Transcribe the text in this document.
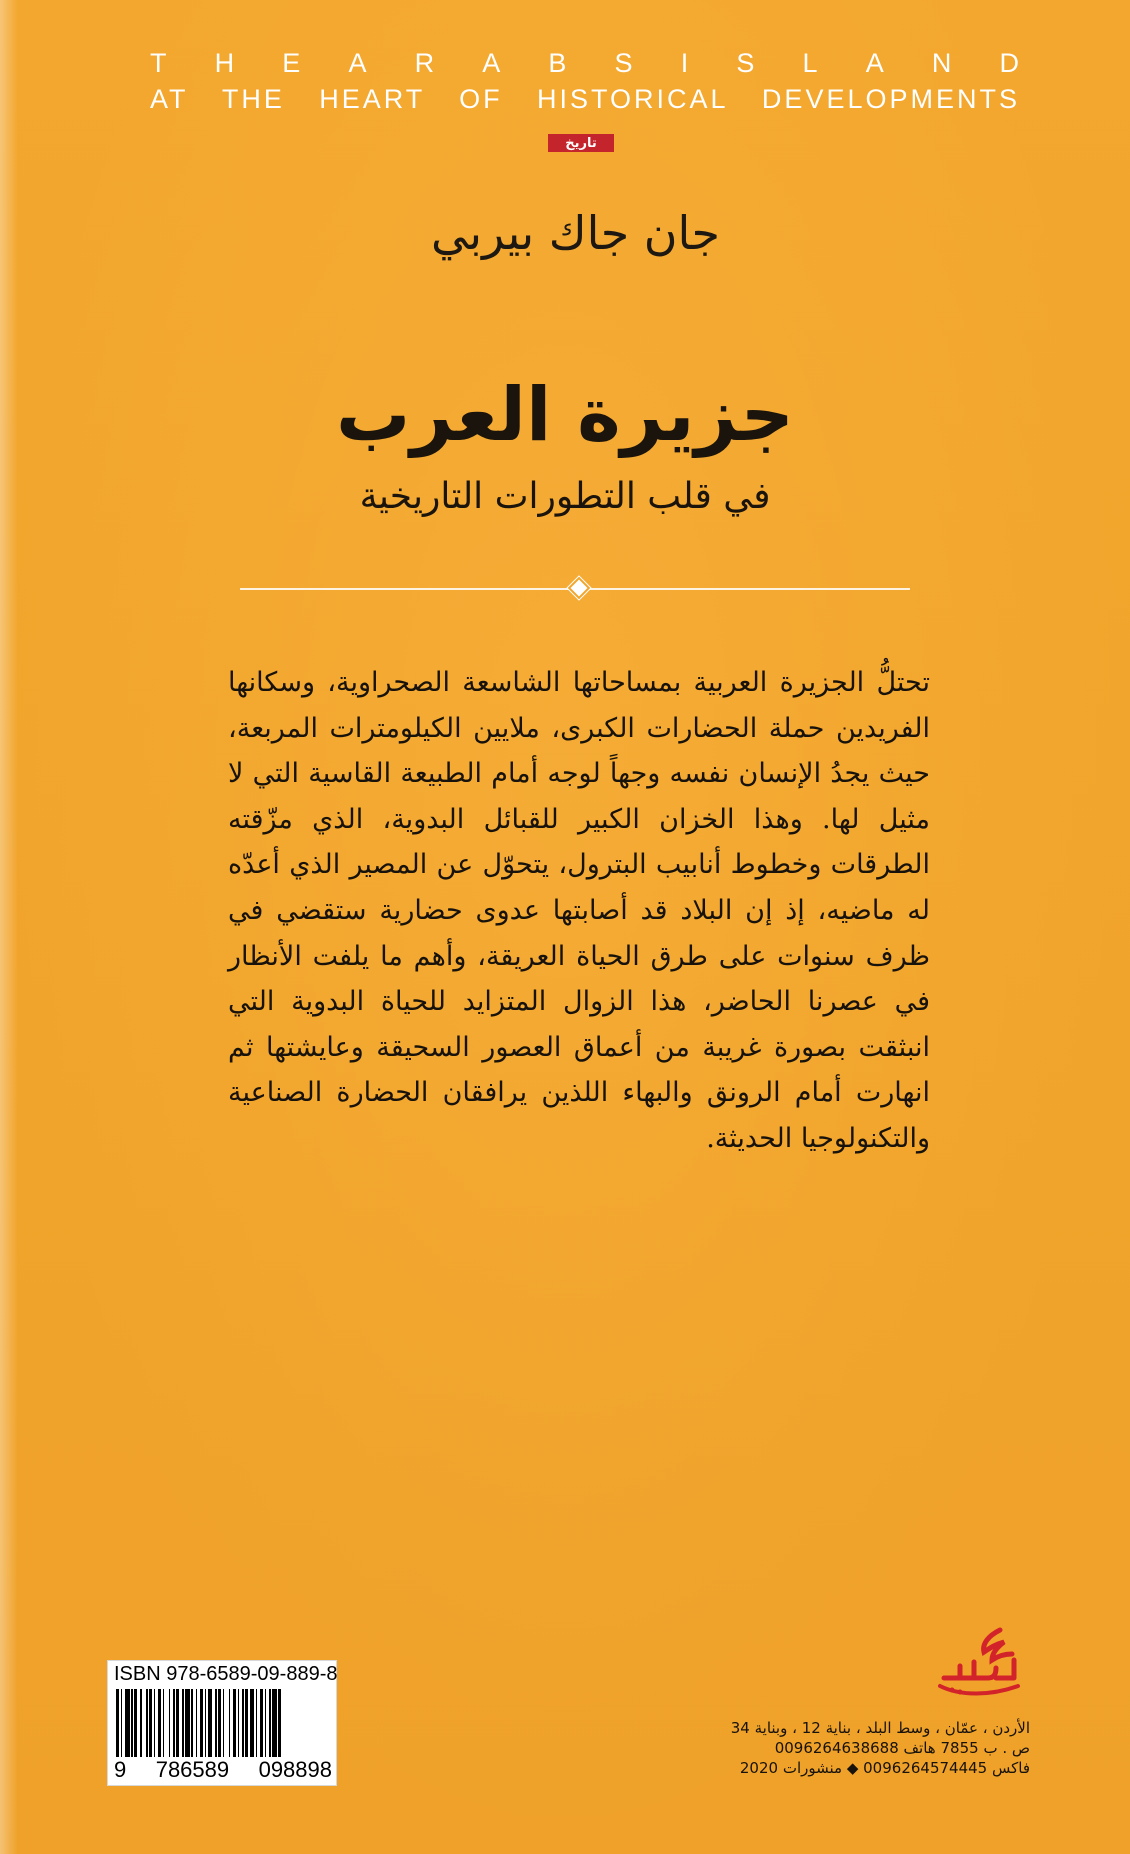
T H E A R A B S I S L A N D
AT THE HEART OF HISTORICAL DEVELOPMENTS
تاريخ
جان جاك بيربي
جزيرة العرب
في قلب التطورات التاريخية

تحتلُّ الجزيرة العربية بمساحاتها الشاسعة الصحراوية، وسكانها الفريدين حملة الحضارات الكبرى، ملايين الكيلومترات المربعة، حيث يجدُ الإنسان نفسه وجهاً لوجه أمام الطبيعة القاسية التي لا مثيل لها. وهذا الخزان الكبير للقبائل البدوية، الذي مزّقته الطرقات وخطوط أنابيب البترول، يتحوّل عن المصير الذي أعدّه له ماضيه، إذ إن البلاد قد أصابتها عدوى حضارية ستقضي في ظرف سنوات على طرق الحياة العريقة، وأهم ما يلفت الأنظار في عصرنا الحاضر، هذا الزوال المتزايد للحياة البدوية التي انبثقت بصورة غريبة من أعماق العصور السحيقة وعايشتها ثم انهارت أمام الرونق والبهاء اللذين يرافقان الحضارة الصناعية والتكنولوجيا الحديثة.

ISBN 978-6589-09-889-8
9 786589 098898
الأردن ، عمّان ، وسط البلد ، بناية 12 ، وبناية 34
ص . ب 7855 هاتف 0096264638688
فاكس 0096264574445 ◆ منشورات 2020
